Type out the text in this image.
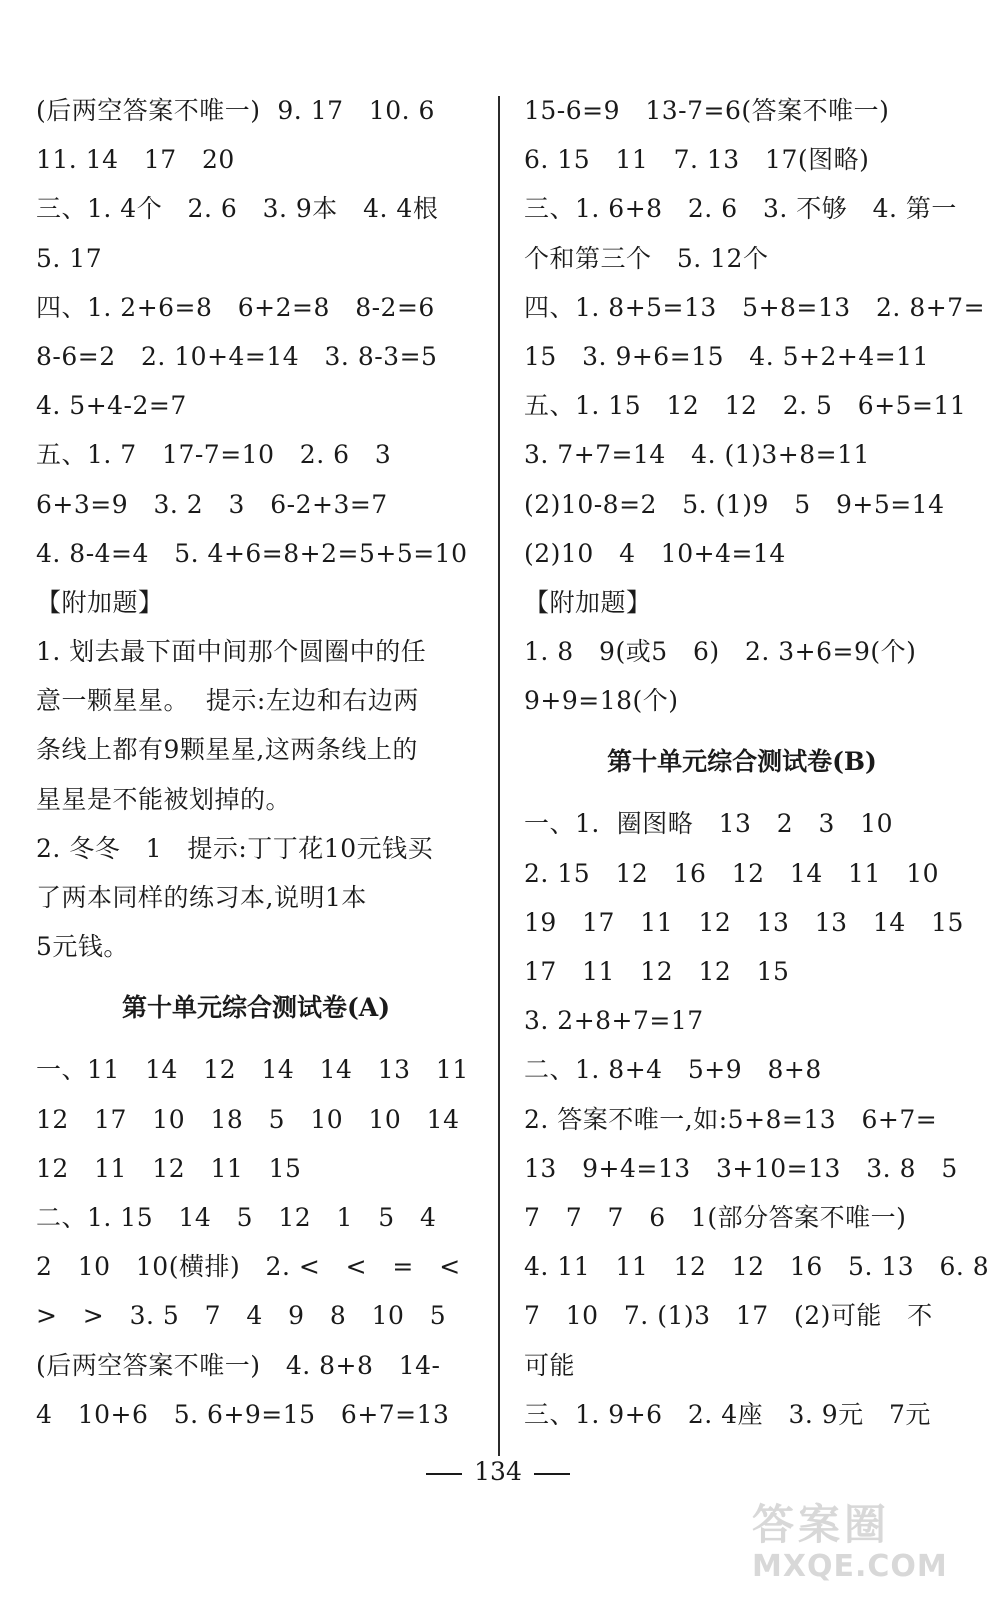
(后两空答案不唯一)  9. 17   10. 6
11. 14   17   20
三、1. 4个   2. 6   3. 9本   4. 4根
5. 17
四、1. 2+6=8   6+2=8   8-2=6
8-6=2   2. 10+4=14   3. 8-3=5
4. 5+4-2=7
五、1. 7   17-7=10   2. 6   3
6+3=9   3. 2   3   6-2+3=7
4. 8-4=4   5. 4+6=8+2=5+5=10
【附加题】
1. 划去最下面中间那个圆圈中的任
意一颗星星。  提示:左边和右边两
条线上都有9颗星星,这两条线上的
星星是不能被划掉的。
2. 冬冬   1   提示:丁丁花10元钱买
了两本同样的练习本,说明1本
5元钱。
第十单元综合测试卷(A)
一、11   14   12   14   14   13   11
12   17   10   18   5   10   10   14
12   11   12   11   15
二、1. 15   14   5   12   1   5   4
2   10   10(横排)   2. <   <   =   <
>   >   3. 5   7   4   9   8   10   5
(后两空答案不唯一)   4. 8+8   14-
4   10+6   5. 6+9=15   6+7=13
15-6=9   13-7=6(答案不唯一)
6. 15   11   7. 13   17(图略)
三、1. 6+8   2. 6   3. 不够   4. 第一
个和第三个   5. 12个
四、1. 8+5=13   5+8=13   2. 8+7=
15   3. 9+6=15   4. 5+2+4=11
五、1. 15   12   12   2. 5   6+5=11
3. 7+7=14   4. (1)3+8=11
(2)10-8=2   5. (1)9   5   9+5=14
(2)10   4   10+4=14
【附加题】
1. 8   9(或5   6)   2. 3+6=9(个)
9+9=18(个)
第十单元综合测试卷(B)
一、1.  圈图略   13   2   3   10
2. 15   12   16   12   14   11   10
19   17   11   12   13   13   14   15
17   11   12   12   15
3. 2+8+7=17
二、1. 8+4   5+9   8+8
2. 答案不唯一,如:5+8=13   6+7=
13   9+4=13   3+10=13   3. 8   5
7   7   7   6   1(部分答案不唯一)
4. 11   11   12   12   16   5. 13   6. 8
7   10   7. (1)3   17   (2)可能   不
可能
三、1. 9+6   2. 4座   3. 9元   7元
134
答案圈
MXQE.COM
